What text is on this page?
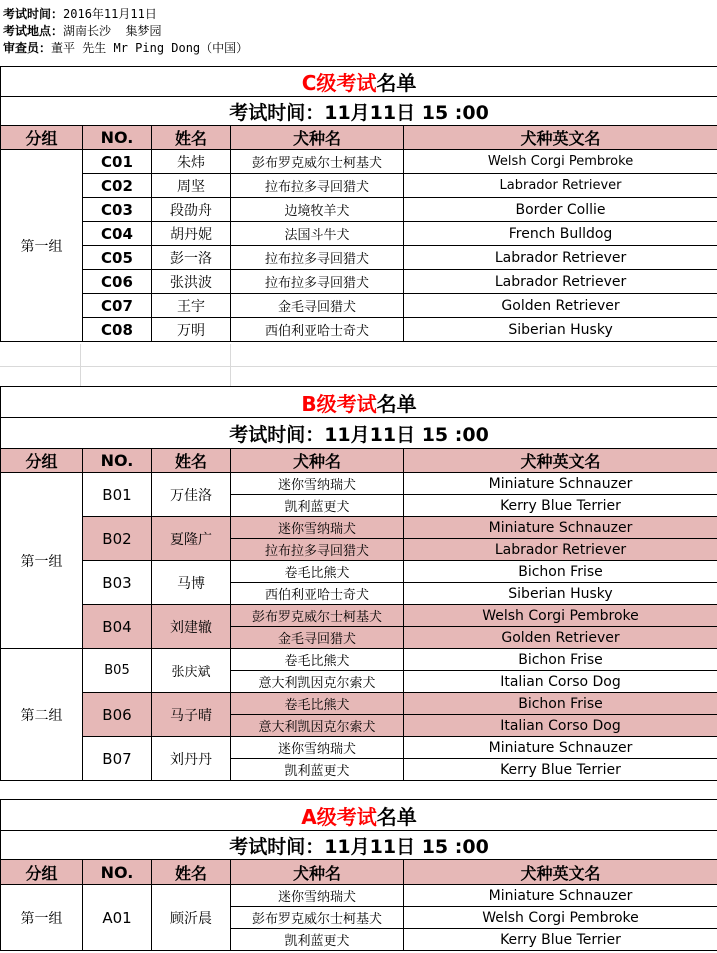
考试时间：2016年11月11日
考试地点：湖南长沙  集梦园
审查员：董平 先生 Mr Ping Dong（中国）
C级考试名单				
考试时间：11月11日 15 :00				
分组	NO.	姓名	犬种名	犬种英文名
第一组	C01	朱炜	彭布罗克威尔士柯基犬	Welsh Corgi Pembroke
	C02	周坚	拉布拉多寻回猎犬	Labrador Retriever
	C03	段劭舟	边境牧羊犬	Border Collie
	C04	胡丹妮	法国斗牛犬	French Bulldog
	C05	彭一洛	拉布拉多寻回猎犬	Labrador Retriever
	C06	张洪波	拉布拉多寻回猎犬	Labrador Retriever
	C07	王宇	金毛寻回猎犬	Golden Retriever
	C08	万明	西伯利亚哈士奇犬	Siberian Husky
B级考试名单				
考试时间：11月11日 15 :00				
分组	NO.	姓名	犬种名	犬种英文名
第一组	B01	万佳洛	迷你雪纳瑞犬	Miniature Schnauzer
			凯利蓝更犬	Kerry Blue Terrier
	B02	夏隆广	迷你雪纳瑞犬	Miniature Schnauzer
			拉布拉多寻回猎犬	Labrador Retriever
	B03	马博	卷毛比熊犬	Bichon Frise
			西伯利亚哈士奇犬	Siberian Husky
	B04	刘建辙	彭布罗克威尔士柯基犬	Welsh Corgi Pembroke
			金毛寻回猎犬	Golden Retriever
第二组	B05	张庆斌	卷毛比熊犬	Bichon Frise
			意大利凯因克尔索犬	Italian Corso Dog
	B06	马子晴	卷毛比熊犬	Bichon Frise
			意大利凯因克尔索犬	Italian Corso Dog
	B07	刘丹丹	迷你雪纳瑞犬	Miniature Schnauzer
			凯利蓝更犬	Kerry Blue Terrier
A级考试名单				
考试时间：11月11日 15 :00				
分组	NO.	姓名	犬种名	犬种英文名
第一组	A01	顾沂晨	迷你雪纳瑞犬	Miniature Schnauzer
			彭布罗克威尔士柯基犬	Welsh Corgi Pembroke
			凯利蓝更犬	Kerry Blue Terrier
